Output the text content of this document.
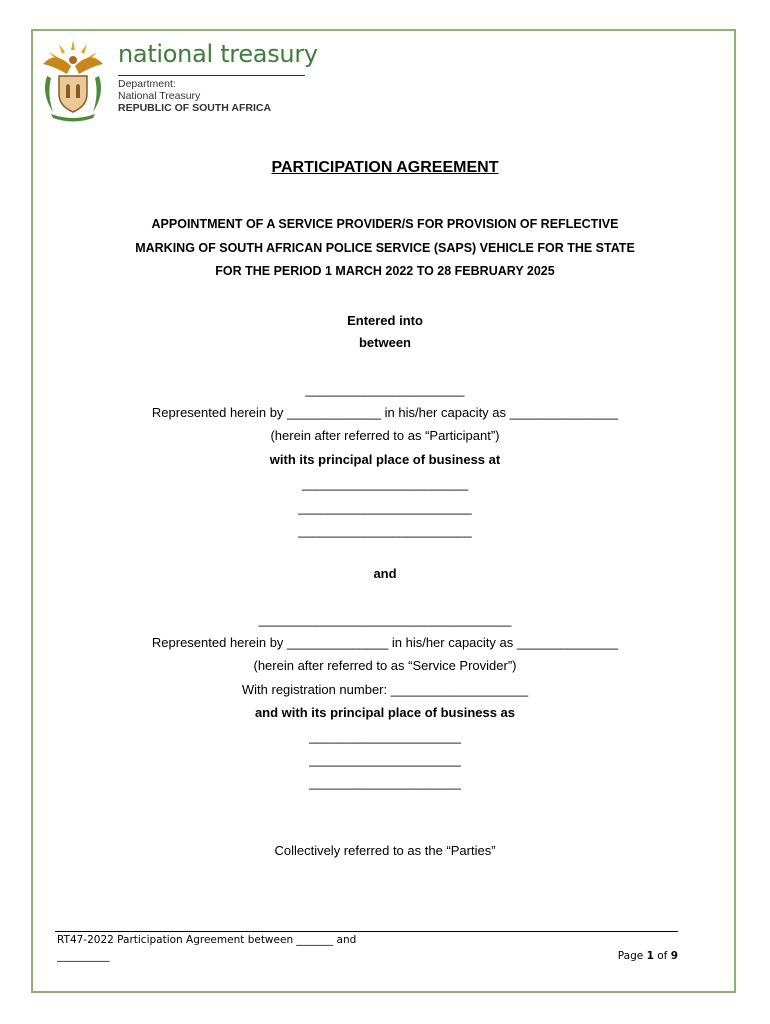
national treasury
Department:
National Treasury
REPUBLIC OF SOUTH AFRICA
PARTICIPATION AGREEMENT
APPOINTMENT OF A SERVICE PROVIDER/S FOR PROVISION OF REFLECTIVE
MARKING OF SOUTH AFRICAN POLICE SERVICE (SAPS) VEHICLE FOR THE STATE
FOR THE PERIOD 1 MARCH 2022 TO 28 FEBRUARY 2025
Entered into
between
______________________
Represented herein by _____________ in his/her capacity as _______________
(herein after referred to as “Participant”)
with its principal place of business at
_______________________
________________________
________________________
and
___________________________________
Represented herein by ______________ in his/her capacity as ______________
(herein after referred to as “Service Provider”)
With registration number: ___________________
and with its principal place of business as
_____________________
_____________________
_____________________
Collectively referred to as the “Parties”
RT47-2022 Participation Agreement between _______ and
__________	Page 1 of 9
